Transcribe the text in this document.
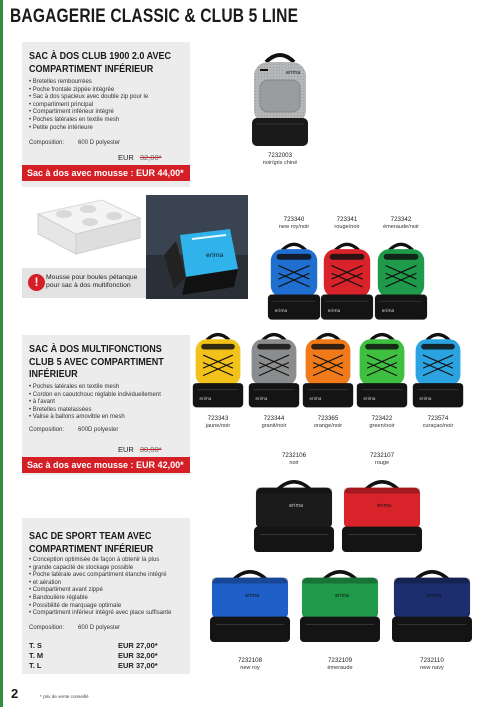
BAGAGERIE CLASSIC & CLUB 5 LINE
SAC À DOS CLUB 1900 2.0 AVEC
COMPARTIMENT INFÉRIEUR
• Bretelles rembourrées
• Poche frontale zippée intégrée
• Sac à dos spacieux avec double zip pour le
• compartiment principal
• Compartiment inférieur intégré
• Poches latérales en textile mesh
• Petite poche intérieure
Composition: 600 D polyester
EUR 32,00*
Sac à dos avec mousse : EUR 44,00*
erima
7232003
noir/gris chiné
erima
Mousse pour boules pétanque
pour sac à dos multifonction
!
SAC À DOS MULTIFONCTIONS
CLUB 5 AVEC COMPARTIMENT
INFÉRIEUR
• Poches latérales en textile mesh
• Cordon en caoutchouc réglable individuellement
• à l'avant
• Bretelles matelassées
• Valise à ballons amovible en mesh
Composition: 600D polyester
EUR 30,00*
Sac à dos avec mousse : EUR 42,00*
723340
new roy/noir
erima
723341
rouge/noir
erima
723342
émeraude/noir
erima
723343
jaune/noir
erima
723344
granit/noir
erima
723365
orange/noir
erima
723422
green/noir
erima
723574
curaçao/noir
erima
SAC DE SPORT TEAM AVEC
COMPARTIMENT INFÉRIEUR
• Conception optimisée de façon à obtenir la plus
• grande capacité de stockage possible
• Poche latérale avec compartiment étanche intégré
• et aération
• Compartiment avant zippé
• Bandoulière réglable
• Possibilité de marquage optimale
• Compartiment inférieur intégré avec place suffisante
Composition: 600 D polyester
T. S	EUR 27,00*
T. M	EUR 32,00*
T. L	EUR 37,00*
7232106
noir
erima
7232107
rouge
erima
7232108
new roy
erima
7232109
émeraude
erima
7232110
new navy
erima
2	* prix de vente conseillé
